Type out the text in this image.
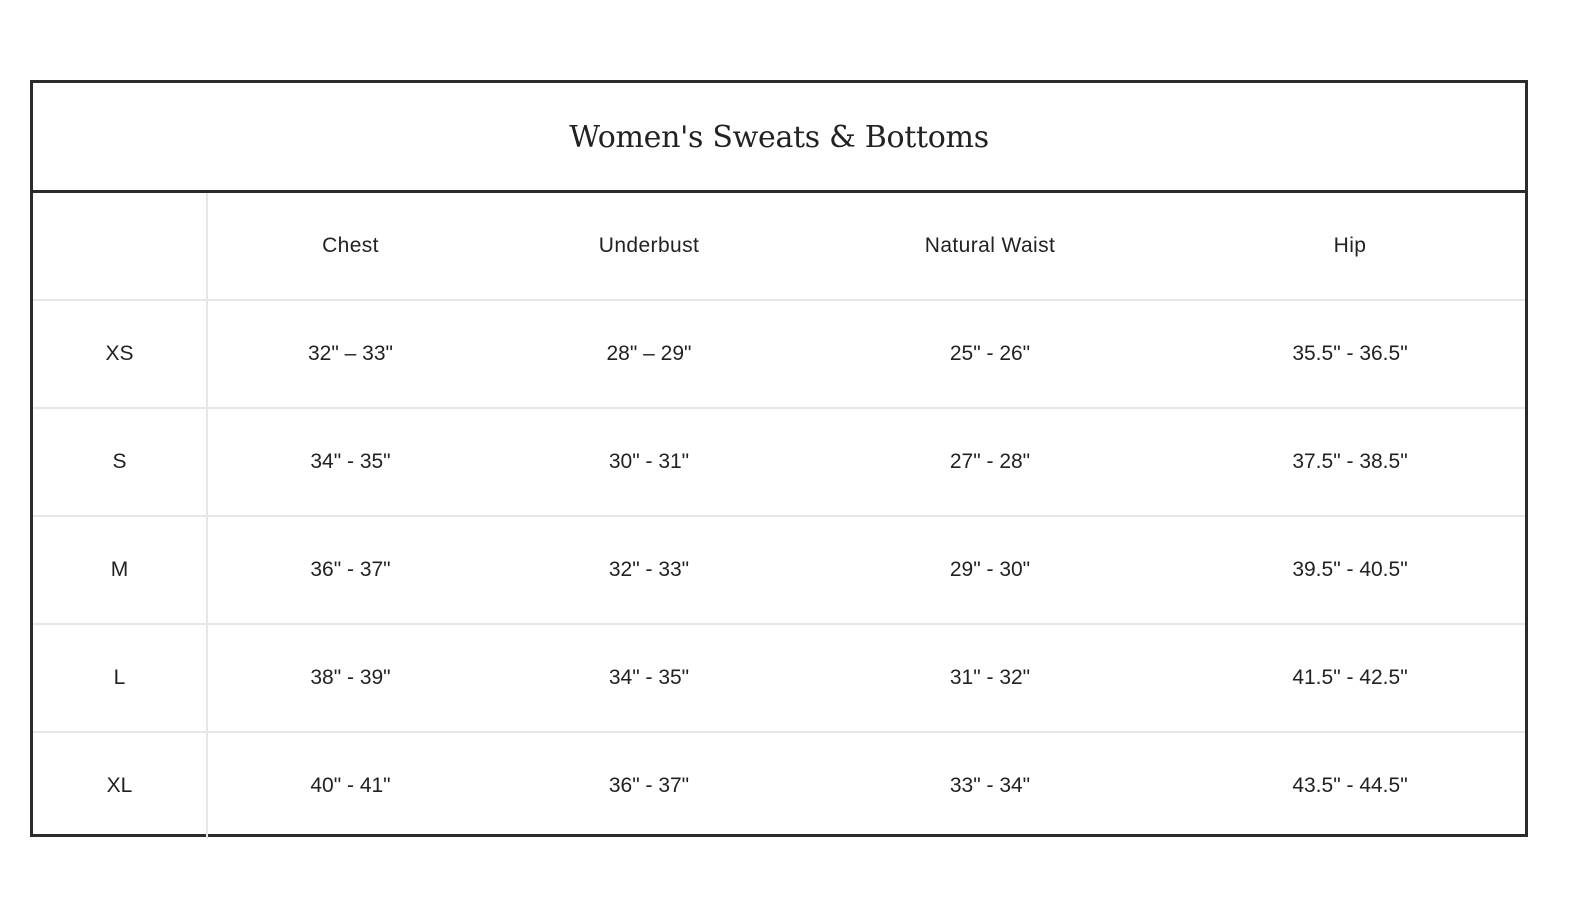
Women's Sweats & Bottoms
	Chest	Underbust	Natural Waist	Hip
XS	32" – 33"	28" – 29"	25" - 26"	35.5" - 36.5"
S	34" - 35"	30" - 31"	27" - 28"	37.5" - 38.5"
M	36" - 37"	32" - 33"	29" - 30"	39.5" - 40.5"
L	38" - 39"	34" - 35"	31" - 32"	41.5" - 42.5"
XL	40" - 41"	36" - 37"	33" - 34"	43.5" - 44.5"
